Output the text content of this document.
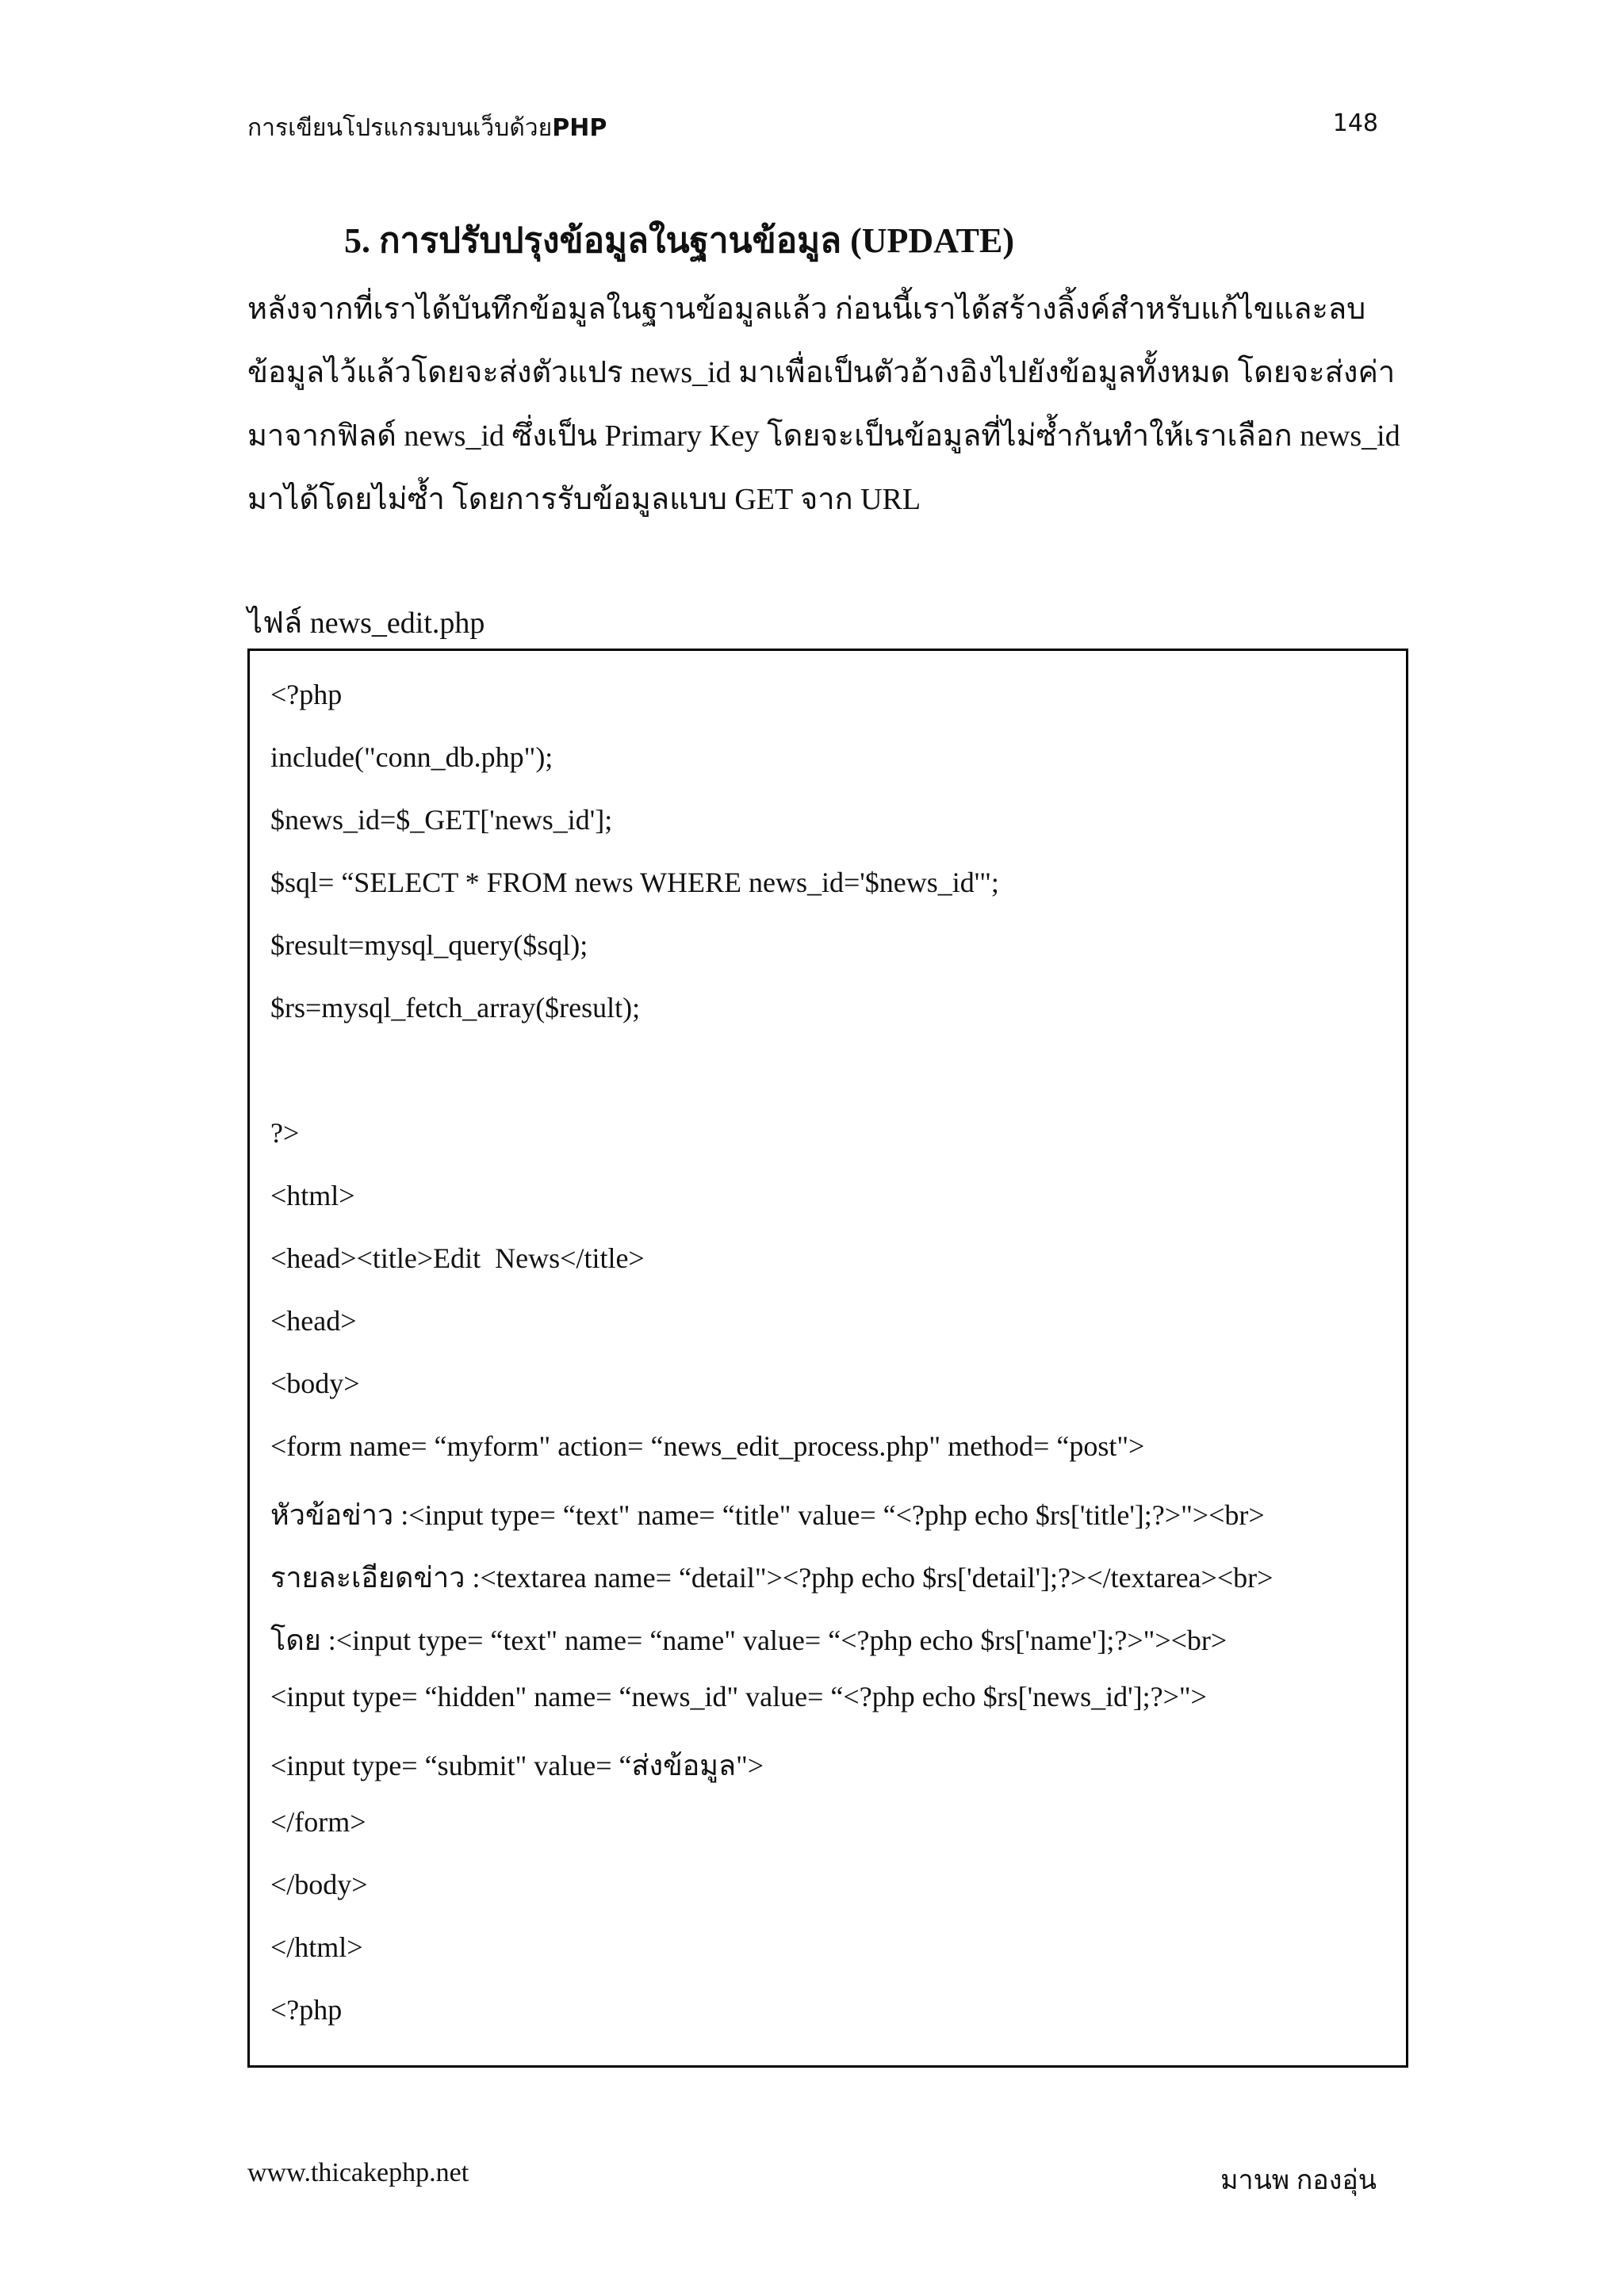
การเขียนโปรแกรมบนเว็บด้วยPHP	148
5. การปรับปรุงข้อมูลในฐานข้อมูล (UPDATE)
หลังจากที่เราได้บันทึกข้อมูลในฐานข้อมูลแล้ว ก่อนนี้เราได้สร้างลิ้งค์สำหรับแก้ไขและลบ
ข้อมูลไว้แล้วโดยจะส่งตัวแปร news_id มาเพื่อเป็นตัวอ้างอิงไปยังข้อมูลทั้งหมด โดยจะส่งค่า
มาจากฟิลด์ news_id ซึ่งเป็น Primary Key โดยจะเป็นข้อมูลที่ไม่ซ้ำกันทำให้เราเลือก news_id
มาได้โดยไม่ซ้ำ โดยการรับข้อมูลแบบ GET จาก URL
ไฟล์ news_edit.php
<?php
include("conn_db.php");
$news_id=$_GET['news_id'];
$sql= “SELECT * FROM news WHERE news_id='$news_id'";
$result=mysql_query($sql);
$rs=mysql_fetch_array($result);
?>
<html>
<head><title>Edit  News</title>
<head>
<body>
<form name= “myform" action= “news_edit_process.php" method= “post">
หัวข้อข่าว :<input type= “text" name= “title" value= “<?php echo $rs['title'];?>"><br>
รายละเอียดข่าว :<textarea name= “detail"><?php echo $rs['detail'];?></textarea><br>
โดย :<input type= “text" name= “name" value= “<?php echo $rs['name'];?>"><br>
<input type= “hidden" name= “news_id" value= “<?php echo $rs['news_id'];?>">
<input type= “submit" value= “ส่งข้อมูล">
</form>
</body>
</html>
<?php
www.thicakephp.net	มานพ กองอุ่น
